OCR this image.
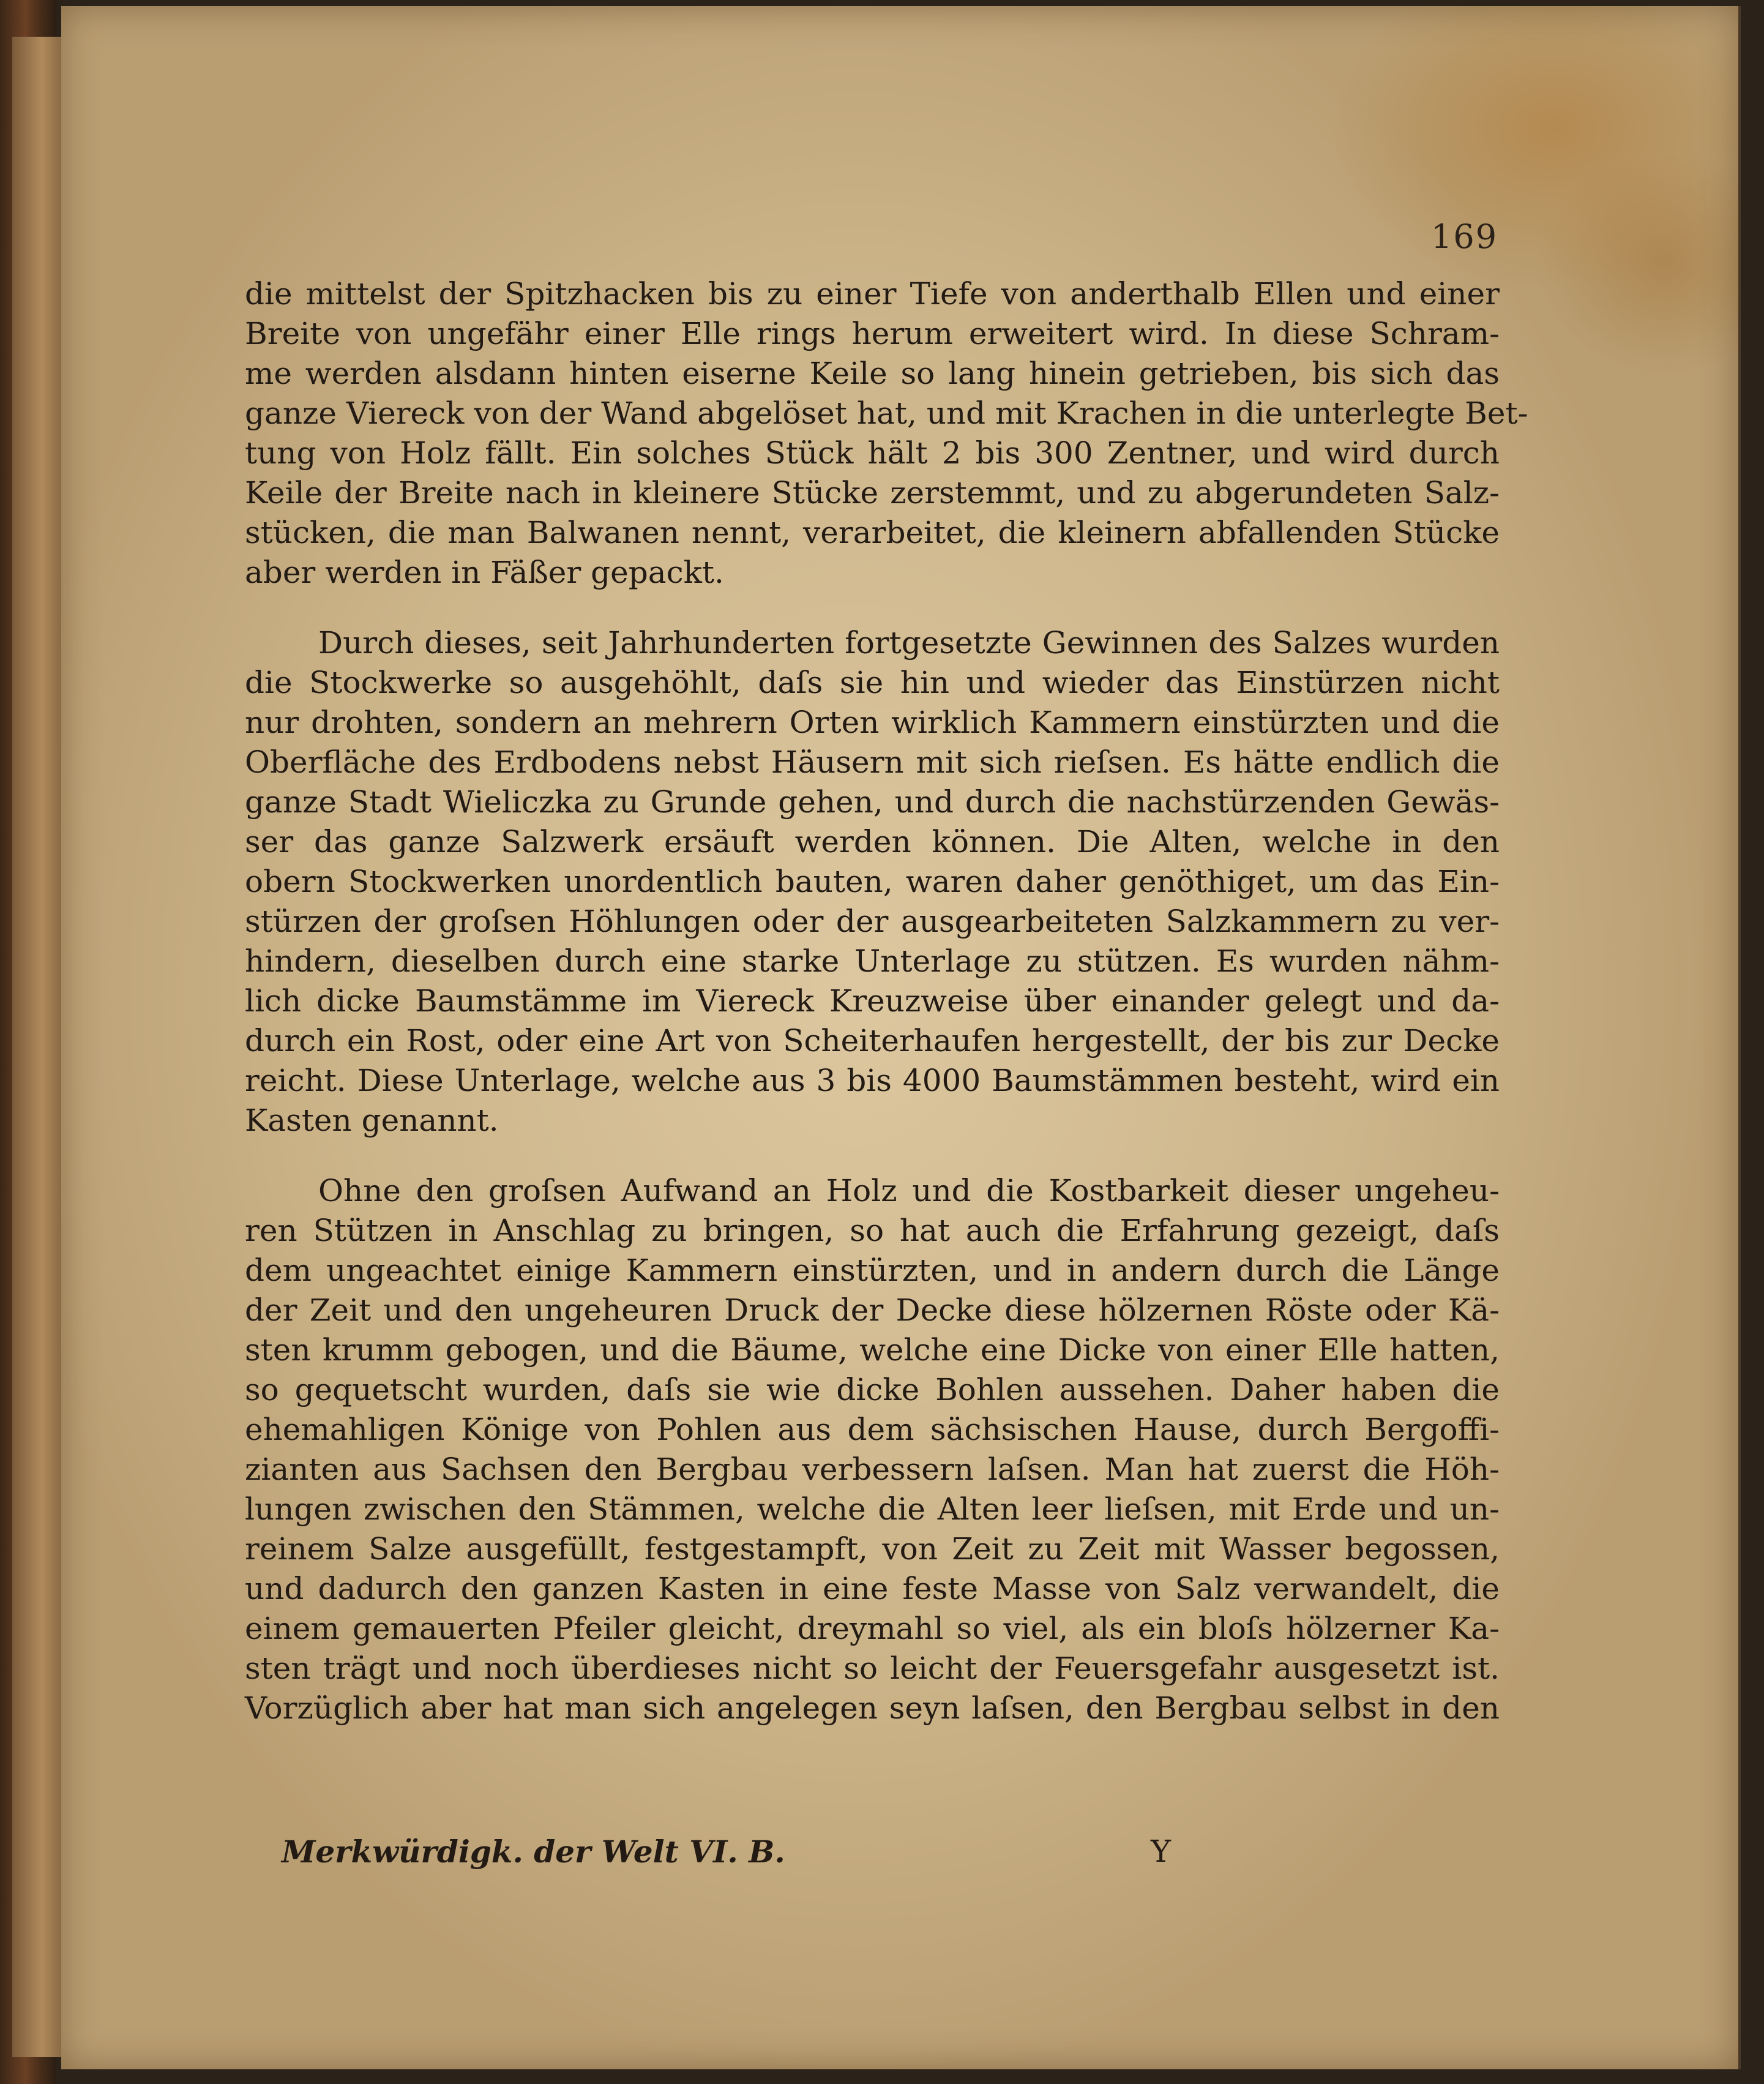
169
die mittelst der Spitzhacken bis zu einer Tiefe von anderthalb Ellen und einer
Breite von ungefähr einer Elle rings herum erweitert wird. In diese Schram-
me werden alsdann hinten eiserne Keile so lang hinein getrieben, bis sich das
ganze Viereck von der Wand abgelöset hat, und mit Krachen in die unterlegte Bet-
tung von Holz fällt. Ein solches Stück hält 2 bis 300 Zentner, und wird durch
Keile der Breite nach in kleinere Stücke zerstemmt, und zu abgerundeten Salz-
stücken, die man Balwanen nennt, verarbeitet, die kleinern abfallenden Stücke
aber werden in Fäßer gepackt.
Durch dieses, seit Jahrhunderten fortgesetzte Gewinnen des Salzes wurden
die Stockwerke so ausgehöhlt, daſs sie hin und wieder das Einstürzen nicht
nur drohten, sondern an mehrern Orten wirklich Kammern einstürzten und die
Oberfläche des Erdbodens nebst Häusern mit sich rieſsen. Es hätte endlich die
ganze Stadt Wieliczka zu Grunde gehen, und durch die nachstürzenden Gewäs-
ser das ganze Salzwerk ersäuft werden können. Die Alten, welche in den
obern Stockwerken unordentlich bauten, waren daher genöthiget, um das Ein-
stürzen der groſsen Höhlungen oder der ausgearbeiteten Salzkammern zu ver-
hindern, dieselben durch eine starke Unterlage zu stützen. Es wurden nähm-
lich dicke Baumstämme im Viereck Kreuzweise über einander gelegt und da-
durch ein Rost, oder eine Art von Scheiterhaufen hergestellt, der bis zur Decke
reicht. Diese Unterlage, welche aus 3 bis 4000 Baumstämmen besteht, wird ein
Kasten genannt.
Ohne den groſsen Aufwand an Holz und die Kostbarkeit dieser ungeheu-
ren Stützen in Anschlag zu bringen, so hat auch die Erfahrung gezeigt, daſs
dem ungeachtet einige Kammern einstürzten, und in andern durch die Länge
der Zeit und den ungeheuren Druck der Decke diese hölzernen Röste oder Kä-
sten krumm gebogen, und die Bäume, welche eine Dicke von einer Elle hatten,
so gequetscht wurden, daſs sie wie dicke Bohlen aussehen. Daher haben die
ehemahligen Könige von Pohlen aus dem sächsischen Hause, durch Bergoffi-
zianten aus Sachsen den Bergbau verbessern laſsen. Man hat zuerst die Höh-
lungen zwischen den Stämmen, welche die Alten leer lieſsen, mit Erde und un-
reinem Salze ausgefüllt, festgestampft, von Zeit zu Zeit mit Wasser begossen,
und dadurch den ganzen Kasten in eine feste Masse von Salz verwandelt, die
einem gemauerten Pfeiler gleicht, dreymahl so viel, als ein bloſs hölzerner Ka-
sten trägt und noch überdieses nicht so leicht der Feuersgefahr ausgesetzt ist.
Vorzüglich aber hat man sich angelegen seyn laſsen, den Bergbau selbst in den
Merkwürdigk. der Welt VI. B.	Y
